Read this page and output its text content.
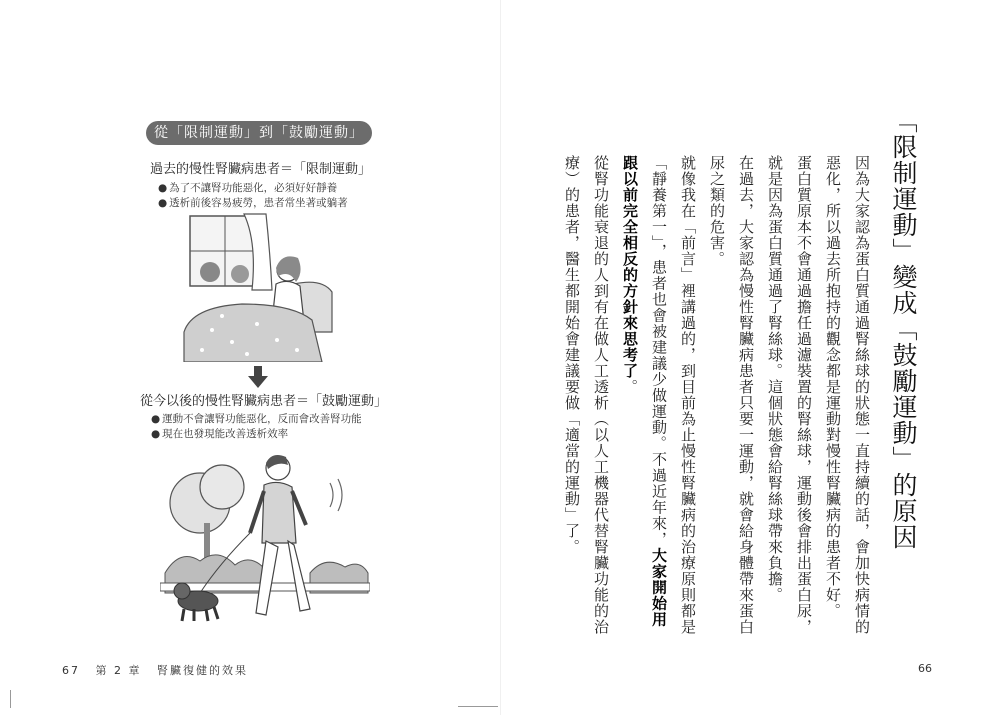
從「限制運動」到「鼓勵運動」
過去的慢性腎臟病患者＝「限制運動」
● 為了不讓腎功能惡化，必須好好靜養
● 透析前後容易疲勞，患者常坐著或躺著
從今以後的慢性腎臟病患者＝「鼓勵運動」
● 運動不會讓腎功能惡化，反而會改善腎功能
● 現在也發現能改善透析效率
67 第 2 章 腎臟復健的效果
「限制運動」變成「鼓勵運動」的原因

因為大家認為蛋白質通過腎絲球的狀態一直持續的話，會加快病情的惡化，所以過去所抱持的觀念都是運動對慢性腎臟病的患者不好。

蛋白質原本不會通過擔任過濾裝置的腎絲球，運動後會排出蛋白尿，就是因為蛋白質通過了腎絲球。這個狀態會給腎絲球帶來負擔。

在過去，大家認為慢性腎臟病患者只要一運動，就會給身體帶來蛋白尿之類的危害。

就像我在「前言」裡講過的，到目前為止慢性腎臟病的治療原則都是「靜養第一」，患者也會被建議少做運動。不過近年來，大家開始用跟以前完全相反的方針來思考了。

從腎功能衰退的人到有在做人工透析（以人工機器代替腎臟功能的治療）的患者，醫生都開始會建議要做「適當的運動」了。

66
